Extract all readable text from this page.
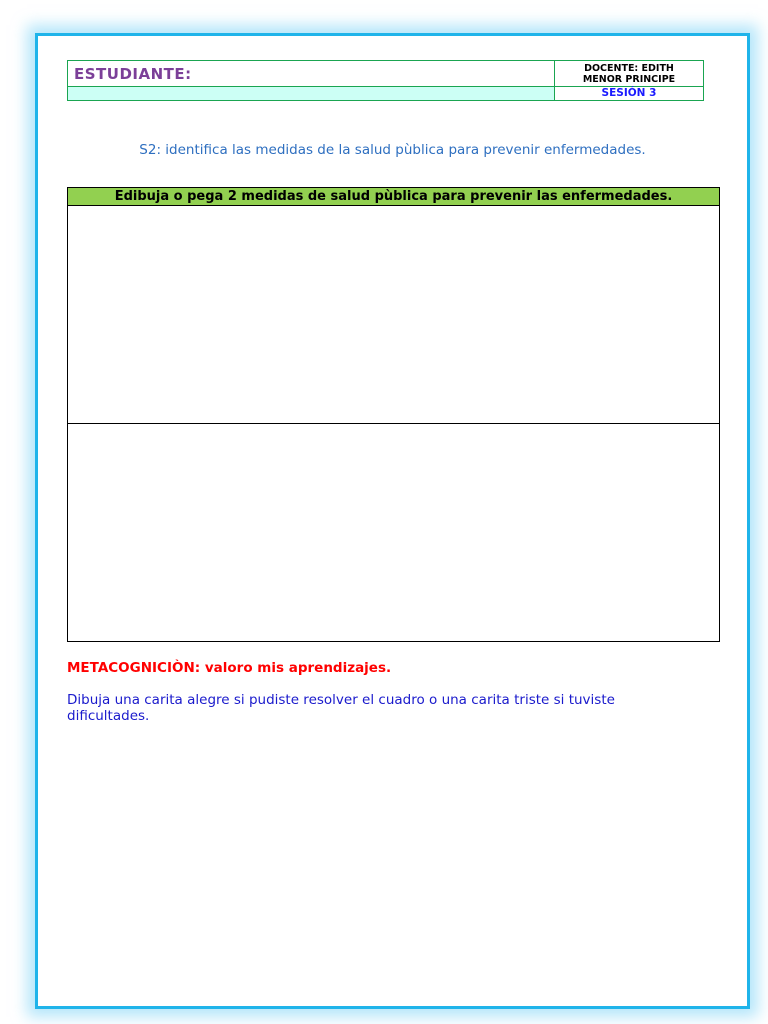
ESTUDIANTE:	DOCENTE: EDITH
MENOR PRINCIPE
	SESIÓN 3
S2: identifica las medidas de la salud pùblica para prevenir enfermedades.
Edibuja o pega 2 medidas de salud pùblica para prevenir las enfermedades.
METACOGNICIÒN: valoro mis aprendizajes.
Dibuja una carita alegre si pudiste resolver el cuadro o una carita triste si tuviste dificultades.
